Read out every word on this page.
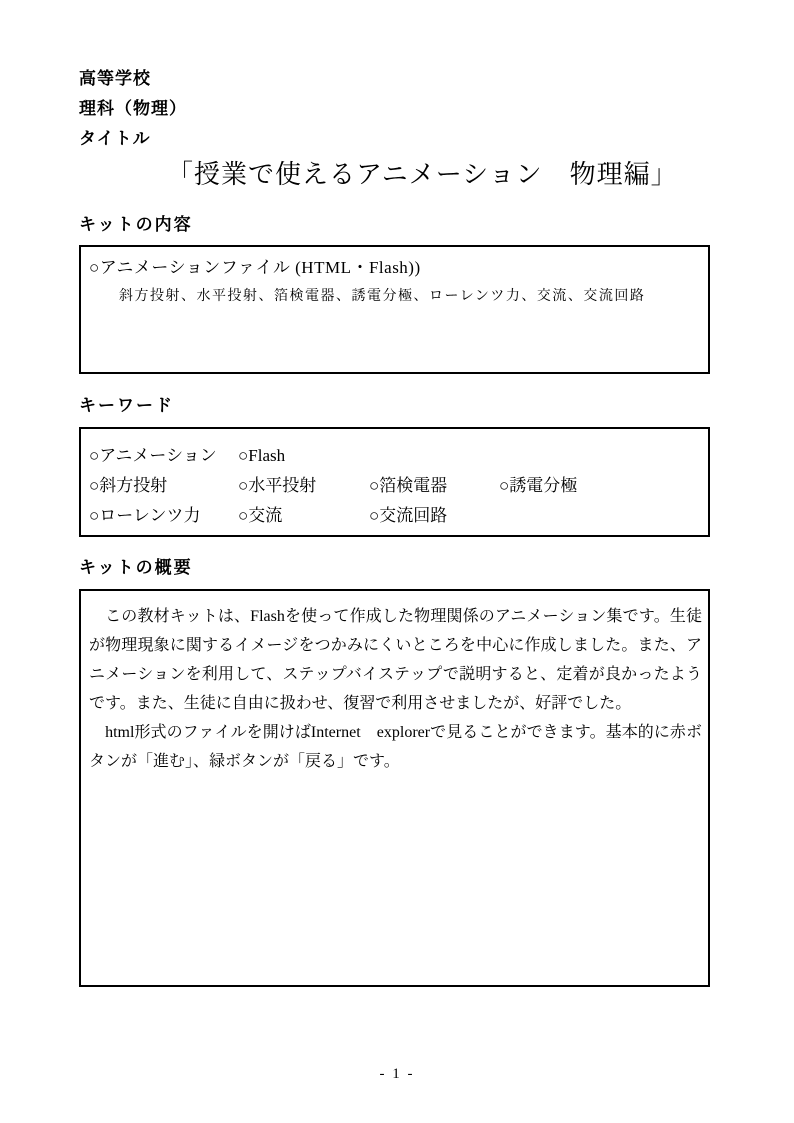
高等学校
理科（物理）
タイトル
「授業で使えるアニメーション　物理編」
キットの内容
○アニメーションファイル (HTML・Flash))
斜方投射、水平投射、箔検電器、誘電分極、ローレンツ力、交流、交流回路
キーワード
○アニメーション	○Flash
○斜方投射	○水平投射	○箔検電器	○誘電分極
○ローレンツ力	○交流	○交流回路
キットの概要

　この教材キットは、Flashを使って作成した物理関係のアニメーション集です。生徒が物理現象に関するイメージをつかみにくいところを中心に作成しました。また、アニメーションを利用して、ステップバイステップで説明すると、定着が良かったようです。また、生徒に自由に扱わせ、復習で利用させましたが、好評でした。

　html形式のファイルを開けばInternet　explorerで見ることができます。基本的に赤ボタンが「進む」、緑ボタンが「戻る」です。

- 1 -
